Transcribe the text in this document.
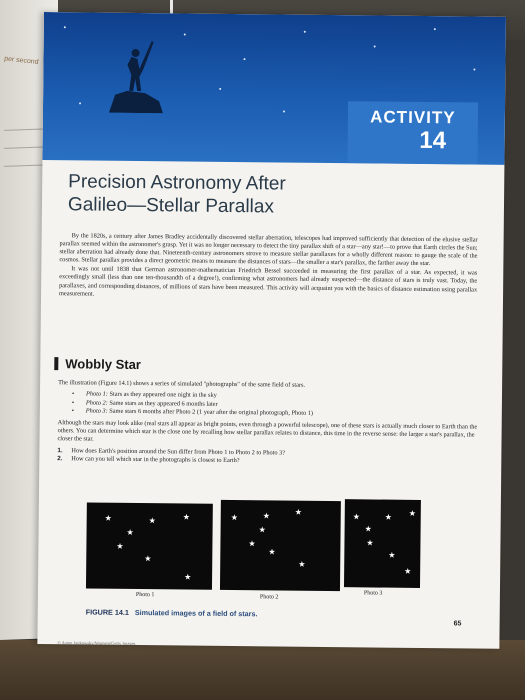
per second
ACTIVITY
14
Precision Astronomy After
Galileo—Stellar Parallax

By the 1820s, a century after James Bradley accidentally discovered stellar aberration, telescopes had improved sufficiently that detection of the elusive stellar parallax seemed within the astronomer's grasp. Yet it was no longer necessary to detect the tiny parallax shift of a star—any star!—to prove that Earth circles the Sun; stellar aberration had already done that. Nineteenth-century astronomers strove to measure stellar parallaxes for a wholly different reason: to gauge the scale of the cosmos. Stellar parallax provides a direct geometric means to measure the distances of stars—the smaller a star's parallax, the farther away the star.

It was not until 1838 that German astronomer-mathematician Friedrich Bessel succeeded in measuring the first parallax of a star. As expected, it was exceedingly small (less than one ten-thousandth of a degree!), confirming what astronomers had already suspected—the distance of stars is truly vast. Today, the parallaxes, and corresponding distances, of millions of stars have been measured. This activity will acquaint you with the basics of distance estimation using parallax measurement.

Wobbly Star

The illustration (Figure 14.1) shows a series of simulated "photographs" of the same field of stars.

• Photo 1: Stars as they appeared one night in the sky
• Photo 2: Same stars as they appeared 6 months later
• Photo 3: Same stars 6 months after Photo 2 (1 year after the original photograph, Photo 1)

Although the stars may look alike (real stars all appear as bright points, even through a powerful telescope), one of these stars is actually much closer to Earth than the others. You can determine which star is the close one by recalling how stellar parallax relates to distance, this time in the reverse sense: the larger a star's parallax, the closer the star.

1.	How does Earth's position around the Sun differ from Photo 1 to Photo 2 to Photo 3?
2.	How can you tell which star in the photographs is closest to Earth?
★	★	★
★
★
★
★
Photo 1
★	★	★
★
★
★
★
Photo 2
★	★ ★
★
★
★
★
Photo 3
FIGURE 14.1 Simulated images of a field of stars.
65
© Aston Jankowsky/Moment/Getty Images
